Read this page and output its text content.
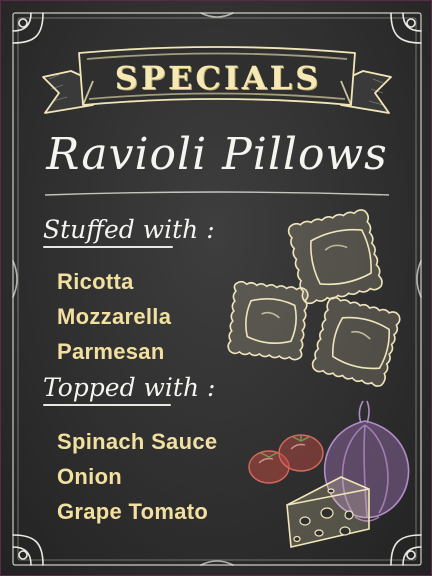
SPECIALS
Ravioli Pillows
Stuffed with :
Ricotta
Mozzarella
Parmesan
Topped with :
Spinach Sauce
Onion
Grape Tomato
